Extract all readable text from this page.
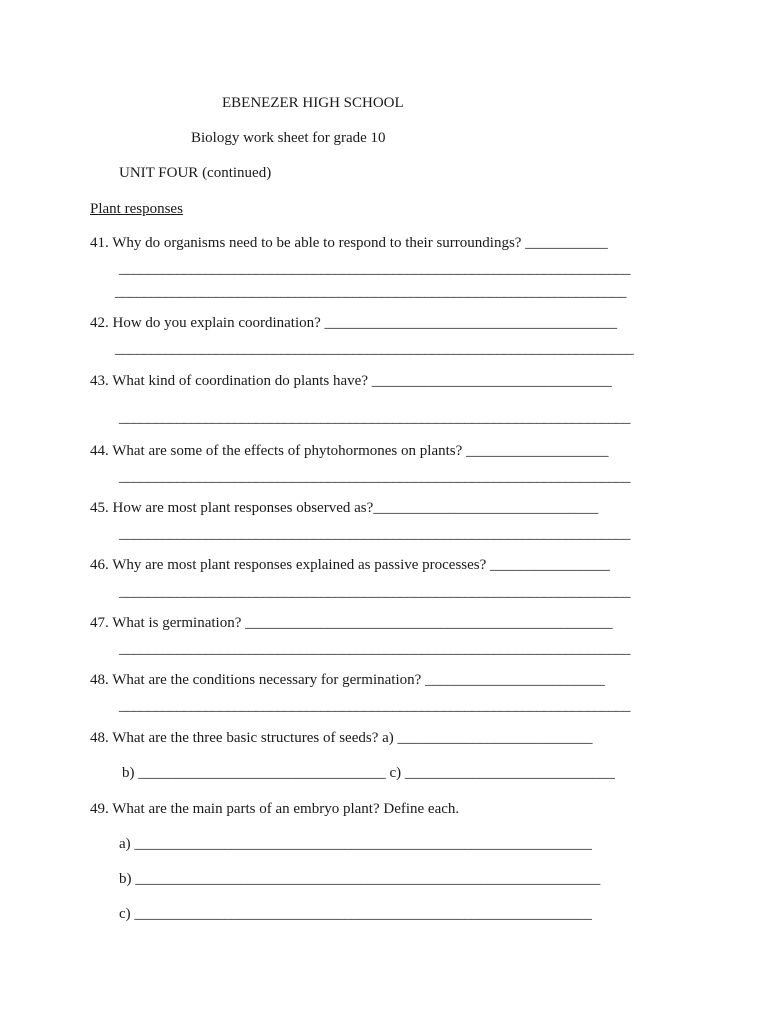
EBENEZER HIGH SCHOOL
Biology work sheet for grade 10
UNIT FOUR (continued)
Plant responses
41. Why do organisms need to be able to respond to their surroundings? ___________
_______________________________________________________________________
_______________________________________________________________________
42. How do you explain coordination? _______________________________________
________________________________________________________________________
43. What kind of coordination do plants have? ________________________________
_______________________________________________________________________
44. What are some of the effects of phytohormones on plants? ___________________
_______________________________________________________________________
45. How are most plant responses observed as?______________________________
_______________________________________________________________________
46. Why are most plant responses explained as passive processes? ________________
_______________________________________________________________________
47. What is germination? _________________________________________________
_______________________________________________________________________
48. What are the conditions necessary for germination? ________________________
_______________________________________________________________________
48. What are the three basic structures of seeds? a) __________________________
b) _________________________________ c) ____________________________
49. What are the main parts of an embryo plant? Define each.
a) _____________________________________________________________
b) ______________________________________________________________
c) _____________________________________________________________
